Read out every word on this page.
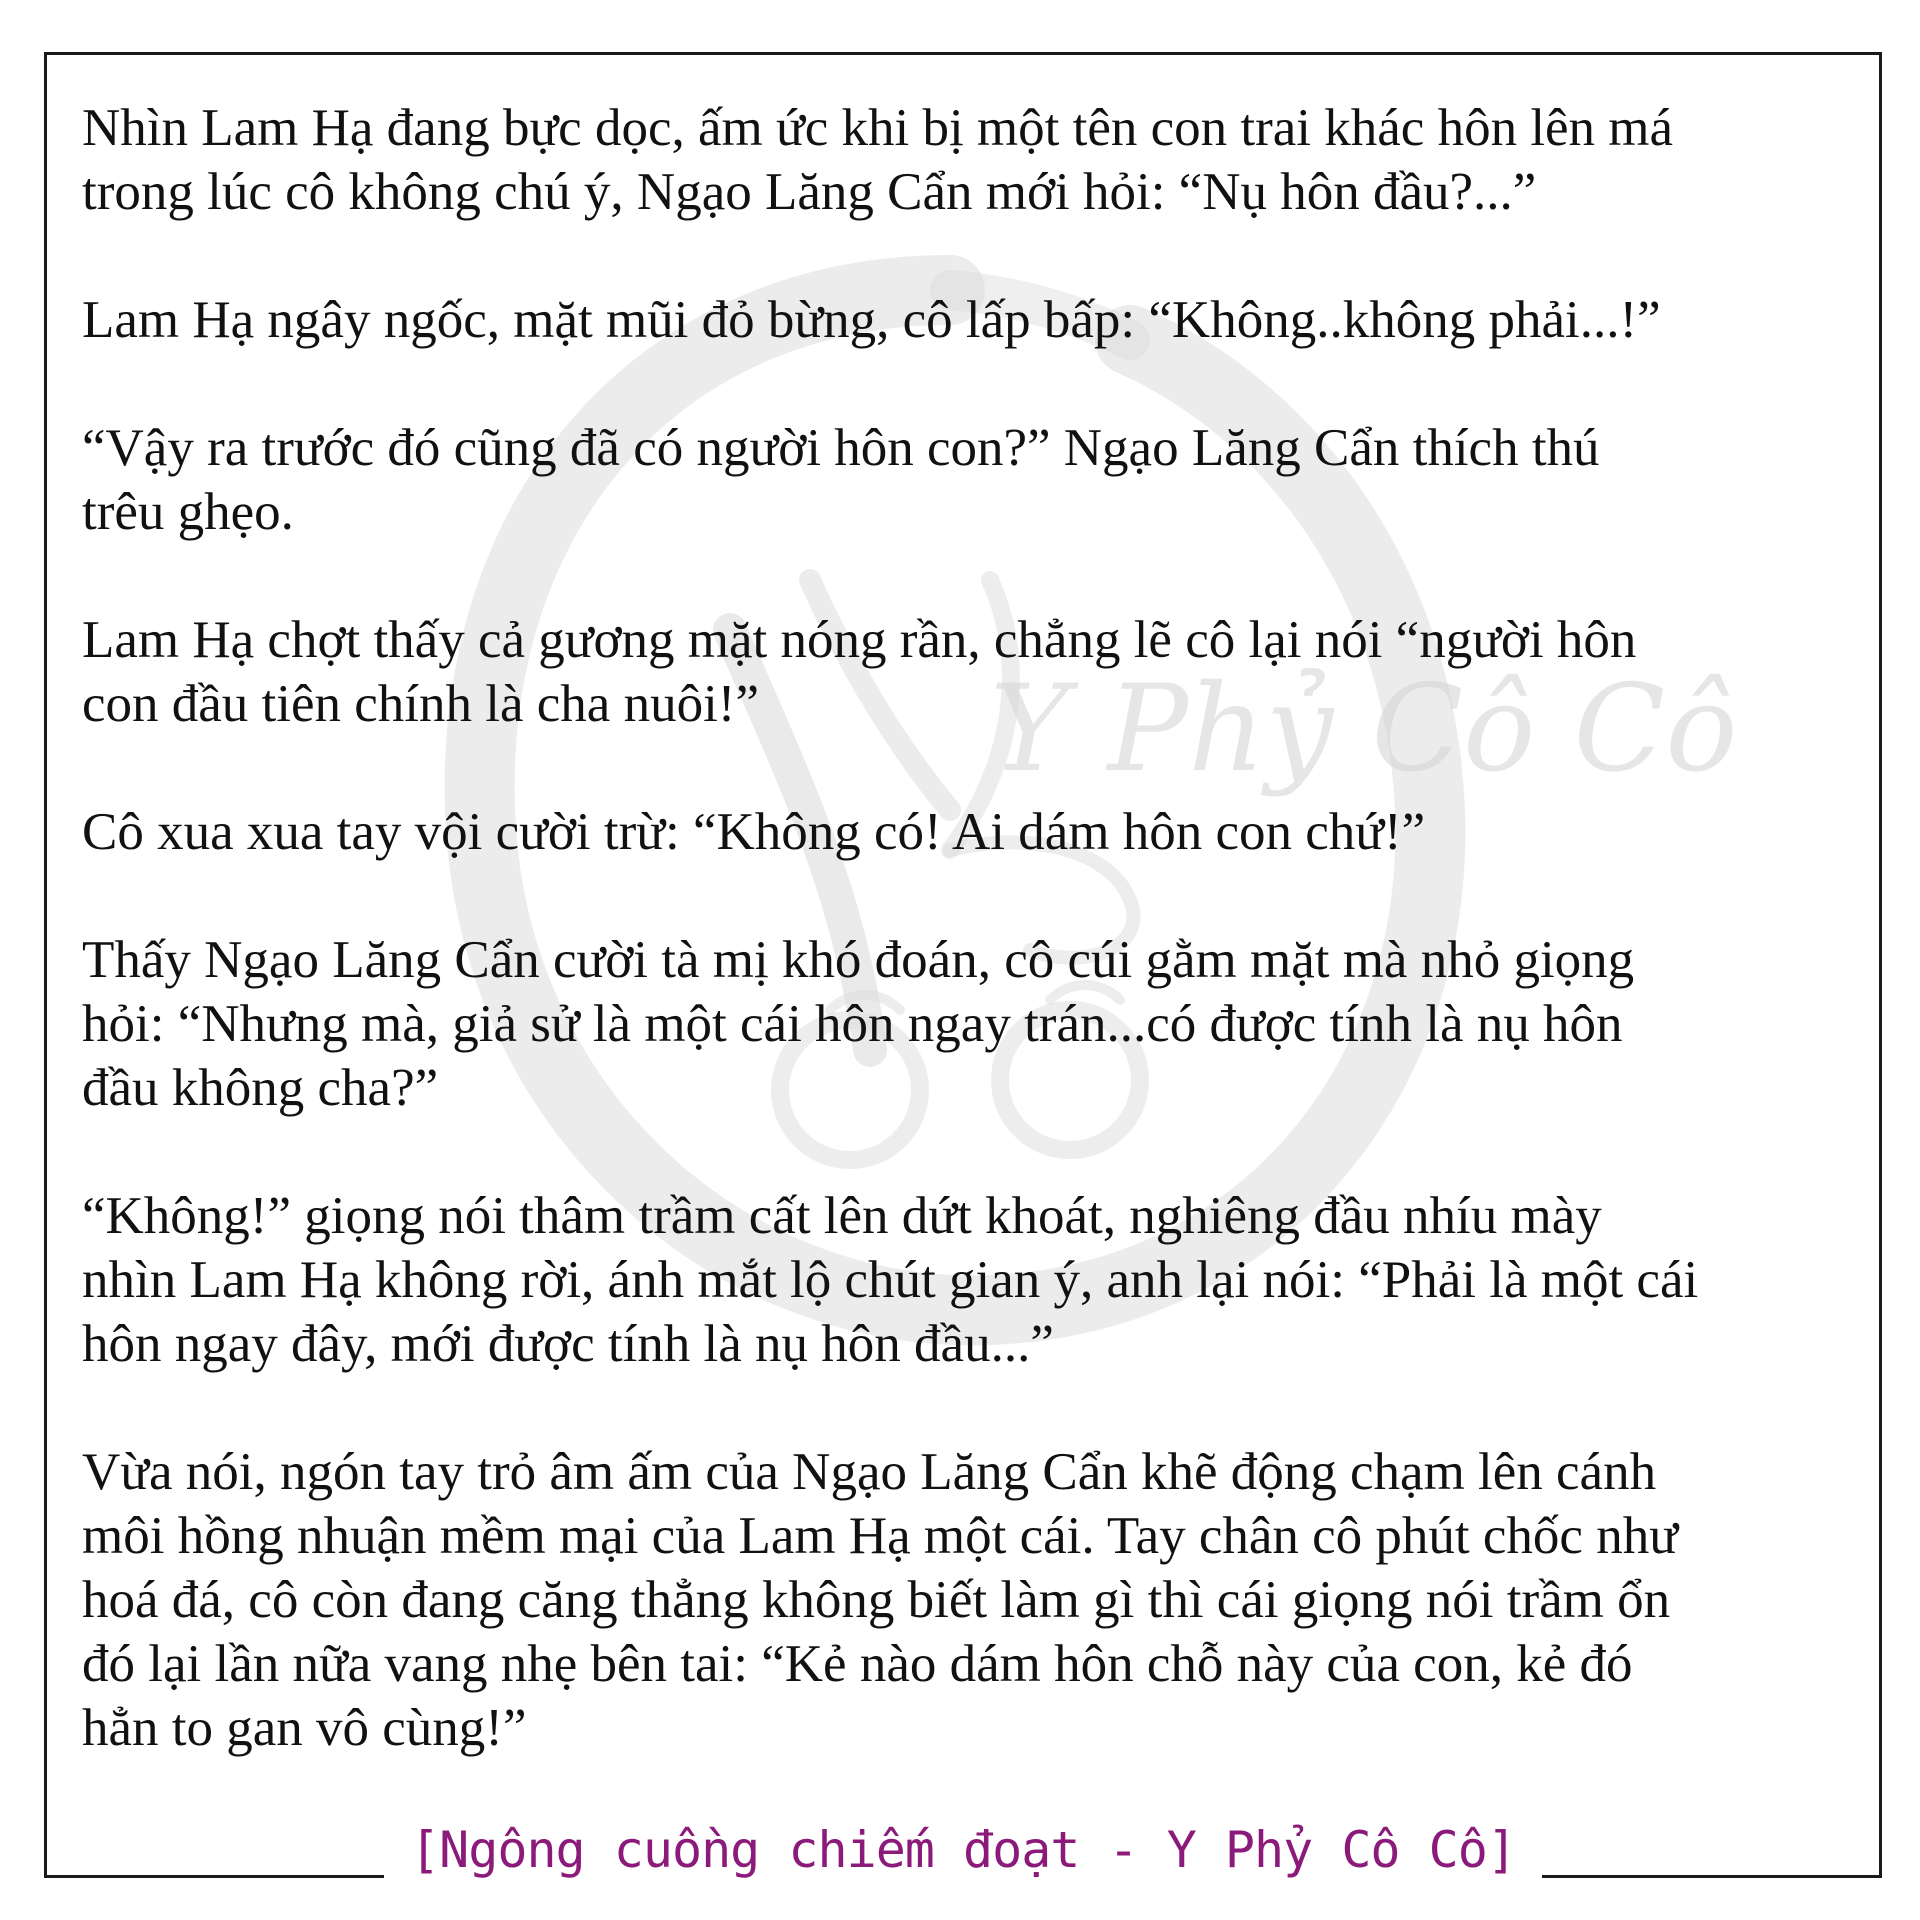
Y Phỷ Cô Cô

Nhìn Lam Hạ đang bực dọc, ấm ức khi bị một tên con trai khác hôn lên má
trong lúc cô không chú ý, Ngạo Lăng Cẩn mới hỏi: “Nụ hôn đầu?...”

Lam Hạ ngây ngốc, mặt mũi đỏ bừng, cô lấp bấp: “Không..không phải...!”

“Vậy ra trước đó cũng đã có người hôn con?” Ngạo Lăng Cẩn thích thú
trêu ghẹo.

Lam Hạ chợt thấy cả gương mặt nóng rần, chẳng lẽ cô lại nói “người hôn
con đầu tiên chính là cha nuôi!”

Cô xua xua tay vội cười trừ: “Không có! Ai dám hôn con chứ!”

Thấy Ngạo Lăng Cẩn cười tà mị khó đoán, cô cúi gằm mặt mà nhỏ giọng
hỏi: “Nhưng mà, giả sử là một cái hôn ngay trán...có được tính là nụ hôn
đầu không cha?”

“Không!” giọng nói thâm trầm cất lên dứt khoát, nghiêng đầu nhíu mày
nhìn Lam Hạ không rời, ánh mắt lộ chút gian ý, anh lại nói: “Phải là một cái
hôn ngay đây, mới được tính là nụ hôn đầu...”

Vừa nói, ngón tay trỏ âm ấm của Ngạo Lăng Cẩn khẽ động chạm lên cánh
môi hồng nhuận mềm mại của Lam Hạ một cái. Tay chân cô phút chốc như
hoá đá, cô còn đang căng thẳng không biết làm gì thì cái giọng nói trầm ổn
đó lại lần nữa vang nhẹ bên tai: “Kẻ nào dám hôn chỗ này của con, kẻ đó
hẳn to gan vô cùng!”

[Ngông cuồng chiếm đoạt - Y Phỷ Cô Cô]
